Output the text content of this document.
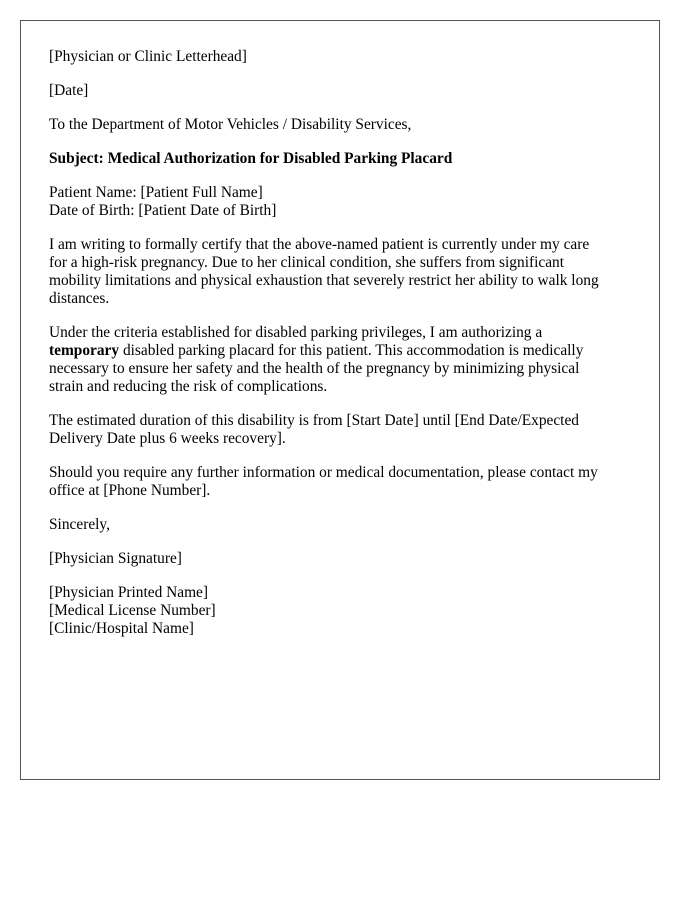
[Physician or Clinic Letterhead]
[Date]
To the Department of Motor Vehicles / Disability Services,
Subject: Medical Authorization for Disabled Parking Placard
Patient Name: [Patient Full Name]
Date of Birth: [Patient Date of Birth]
I am writing to formally certify that the above-named patient is currently under my care
for a high-risk pregnancy. Due to her clinical condition, she suffers from significant
mobility limitations and physical exhaustion that severely restrict her ability to walk long
distances.
Under the criteria established for disabled parking privileges, I am authorizing a
temporary disabled parking placard for this patient. This accommodation is medically
necessary to ensure her safety and the health of the pregnancy by minimizing physical
strain and reducing the risk of complications.
The estimated duration of this disability is from [Start Date] until [End Date/Expected
Delivery Date plus 6 weeks recovery].
Should you require any further information or medical documentation, please contact my
office at [Phone Number].
Sincerely,
[Physician Signature]
[Physician Printed Name]
[Medical License Number]
[Clinic/Hospital Name]
